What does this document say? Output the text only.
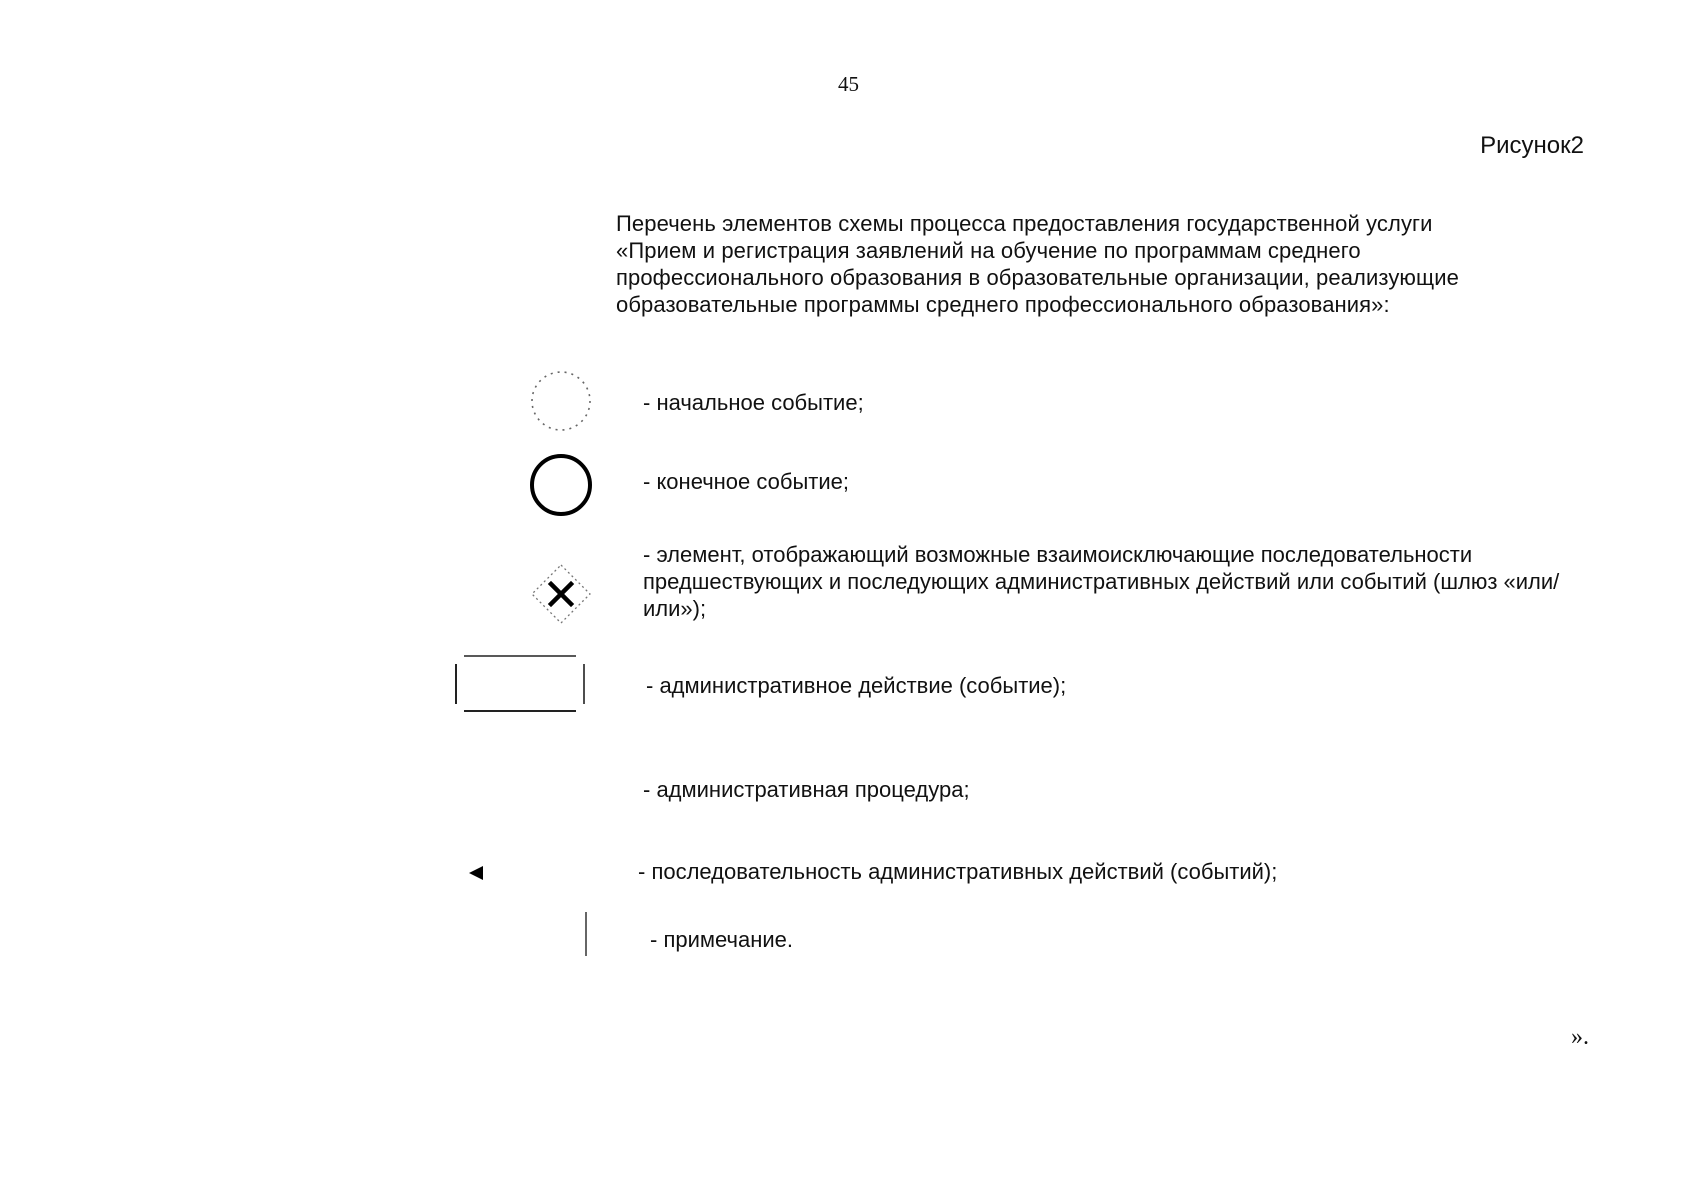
45
Рисунок2
Перечень элементов схемы процесса предоставления государственной услуги
«Прием и регистрация заявлений на обучение по программам среднего
профессионального образования в образовательные организации, реализующие
образовательные программы среднего профессионального образования»:
- начальное событие;
- конечное событие;
- элемент, отображающий возможные взаимоисключающие последовательности предшествующих и последующих административных действий или событий (шлюз «или/или»);
- административное действие (событие);
- административная процедура;
- последовательность административных действий (событий);
- примечание.
».
